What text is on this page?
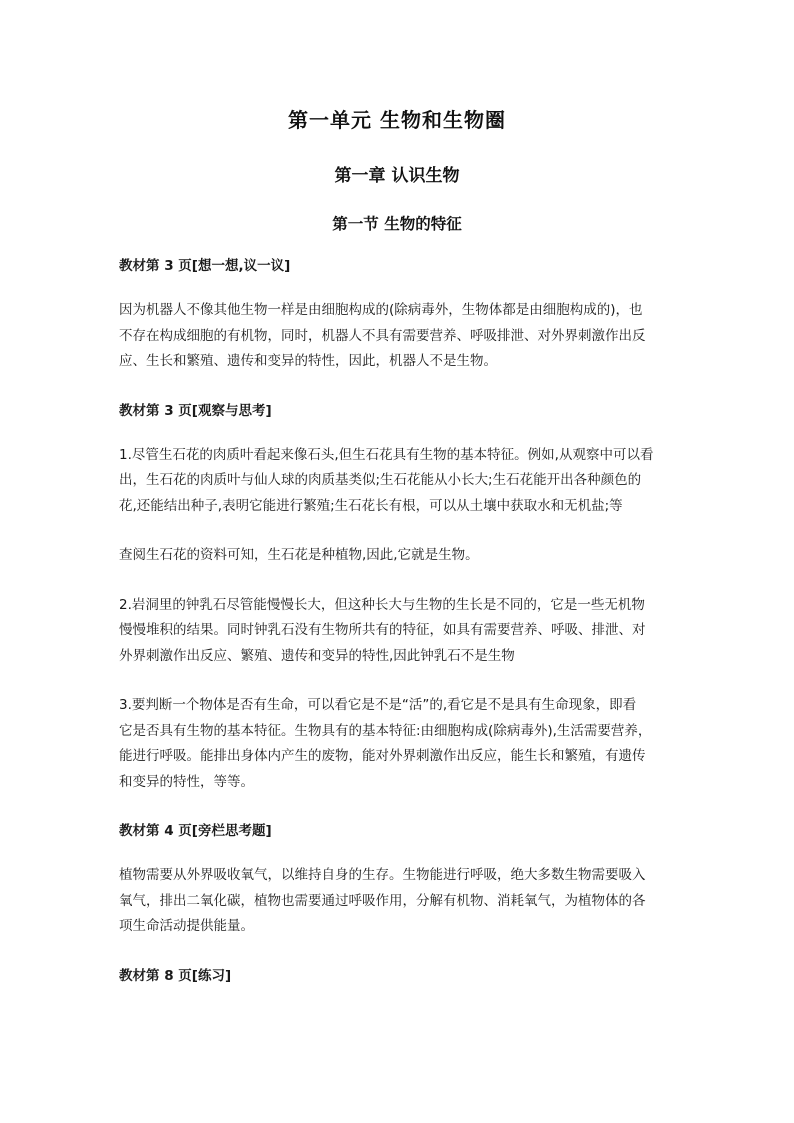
第一单元 生物和生物圈
第一章 认识生物
第一节 生物的特征

教材第 3 页[想一想,议一议]

因为机器人不像其他生物一样是由细胞构成的(除病毒外，生物体都是由细胞构成的)，也
不存在构成细胞的有机物，同时，机器人不具有需要营养、呼吸排泄、对外界刺激作出反
应、生长和繁殖、遗传和变异的特性，因此，机器人不是生物。

教材第 3 页[观察与思考]

1.尽管生石花的肉质叶看起来像石头,但生石花具有生物的基本特征。例如,从观察中可以看
出，生石花的肉质叶与仙人球的肉质基类似;生石花能从小长大;生石花能开出各种颜色的
花,还能结出种子,表明它能进行繁殖;生石花长有根，可以从土壤中获取水和无机盐;等

查阅生石花的资料可知，生石花是种植物,因此,它就是生物。

2.岩洞里的钟乳石尽管能慢慢长大，但这种长大与生物的生长是不同的，它是一些无机物
慢慢堆积的结果。同时钟乳石没有生物所共有的特征，如具有需要营养、呼吸、排泄、对
外界刺激作出反应、繁殖、遗传和变异的特性,因此钟乳石不是生物

3.要判断一个物体是否有生命，可以看它是不是“活”的,看它是不是具有生命现象，即看
它是否具有生物的基本特征。生物具有的基本特征:由细胞构成(除病毒外),生活需要营养，
能进行呼吸。能排出身体内产生的废物，能对外界刺激作出反应，能生长和繁殖，有遗传
和变异的特性，等等。

教材第 4 页[旁栏思考题]

植物需要从外界吸收氧气，以维持自身的生存。生物能进行呼吸，绝大多数生物需要吸入
氧气，排出二氧化碳，植物也需要通过呼吸作用，分解有机物、消耗氧气，为植物体的各
项生命活动提供能量。

教材第 8 页[练习]
